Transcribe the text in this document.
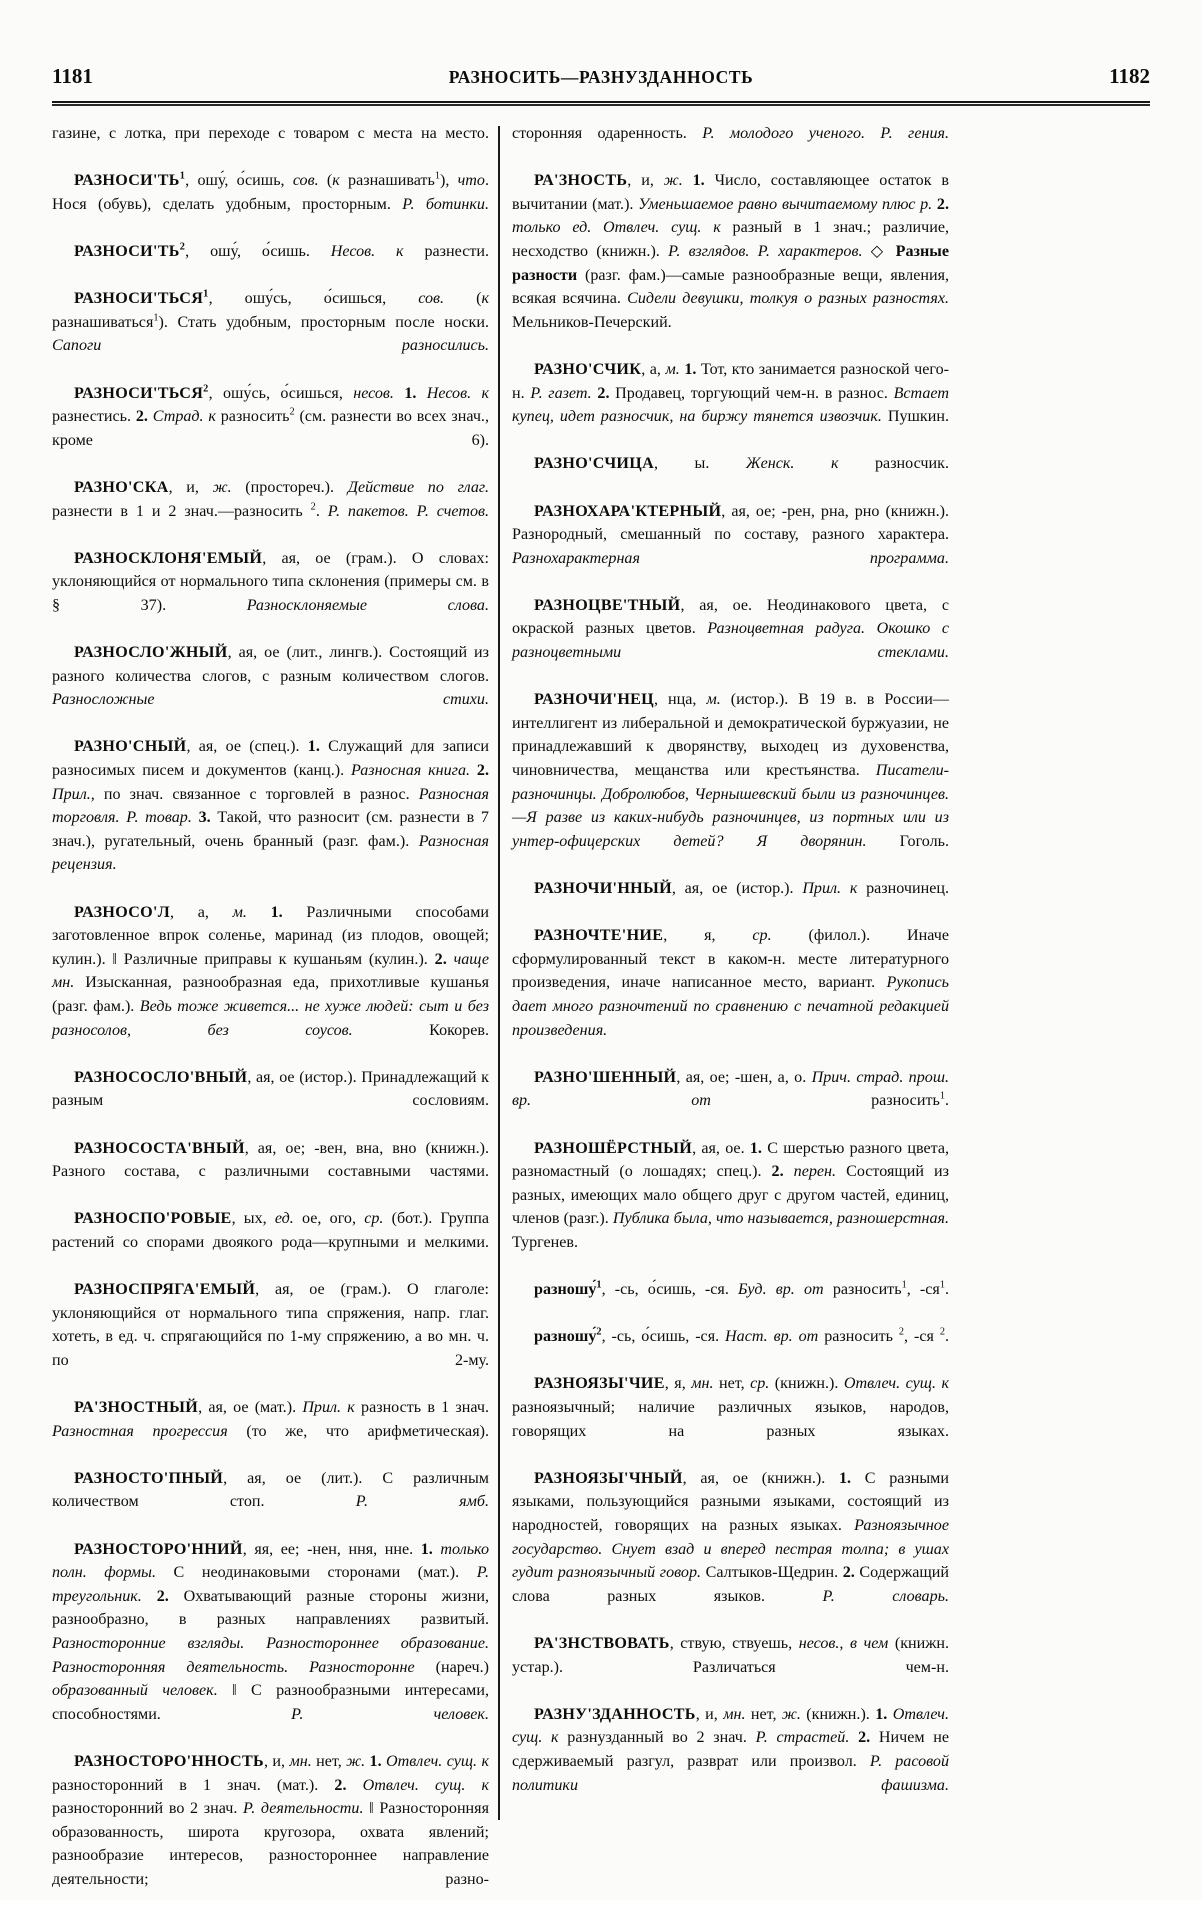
1181	РАЗНОСИТЬ—РАЗНУЗДАННОСТЬ	1182

газине, с лотка, при переходе с товаром с места на место.

$РАЗНОСИ'ТЬ^1$, ошу́, о́сишь, сов. (к разнашивать$^1$), что. Нося (обувь), сделать удобным, просторным. Р. ботинки.

$РАЗНОСИ'ТЬ^2$, ошу́, о́сишь. Несов. к разнести.

РАЗНОСИ'ТЬСЯ$^1$, ошу́сь, о́сишься, сов. (к разнашиваться$^1$). Стать удобным, просторным после носки. Сапоги разносились.

РАЗНОСИ'ТЬСЯ$^2$, ошу́сь, о́сишься, несов. 1. Несов. к разнестись. 2. Страд. к разносить$^2$ (см. разнести во всех знач., кроме 6).

РАЗНО'СКА, и, ж. (простореч.). Действие по глаг. разнести в 1 и 2 знач.—разносить $^2$. Р. пакетов. Р. счетов.

РАЗНОСКЛОНЯ'ЕМЫЙ, ая, ое (грам.). О словах: уклоняющийся от нормального типа склонения (примеры см. в § 37). Разносклоняемые слова.

РАЗНОСЛО'ЖНЫЙ, ая, ое (лит., лингв.). Состоящий из разного количества слогов, с разным количеством слогов. Разносложные стихи.

РАЗНО'СНЫЙ, ая, ое (спец.). 1. Служащий для записи разносимых писем и документов (канц.). Разносная книга. 2. Прил., по знач. связанное с торговлей в разнос. Разносная торговля. Р. товар. 3. Такой, что разносит (см. разнести в 7 знач.), ругательный, очень бранный (разг. фам.). Разносная рецензия.

РАЗНОСО'Л, а, м. 1. Различными способами заготовленное впрок соленье, маринад (из плодов, овощей; кулин.). ‖ Различные приправы к кушаньям (кулин.). 2. чаще мн. Изысканная, разнообразная еда, прихотливые кушанья (разг. фам.). Ведь тоже живется... не хуже людей: сыт и без разносолов, без соусов. Кокорев.

РАЗНОСОСЛО'ВНЫЙ, ая, ое (истор.). Принадлежащий к разным сословиям.

РАЗНОСОСТА'ВНЫЙ, ая, ое; -вен, вна, вно (книжн.). Разного состава, с различными составными частями.

РАЗНОСПО'РОВЫЕ, ых, ед. ое, ого, ср. (бот.). Группа растений со спорами двоякого рода—крупными и мелкими.

РАЗНОСПРЯГА'ЕМЫЙ, ая, ое (грам.). О глаголе: уклоняющийся от нормального типа спряжения, напр. глаг. хотеть, в ед. ч. спрягающийся по 1-му спряжению, а во мн. ч. по 2-му.

РА'ЗНОСТНЫЙ, ая, ое (мат.). Прил. к разность в 1 знач. Разностная прогрессия (то же, что арифметическая).

РАЗНОСТО'ПНЫЙ, ая, ое (лит.). С различным количеством стоп. Р. ямб.

РАЗНОСТОРО'ННИЙ, яя, ее; -нен, ння, нне. 1. только полн. формы. С неодинаковыми сторонами (мат.). Р. треугольник. 2. Охватывающий разные стороны жизни, разнообразно, в разных направлениях развитый. Разносторонние взгляды. Разностороннее образование. Разносторонняя деятельность. Разносторонне (нареч.) образованный человек. ‖ С разнообразными интересами, способностями. Р. человек.

РАЗНОСТОРО'ННОСТЬ, и, мн. нет, ж. 1. Отвлеч. сущ. к разносторонний в 1 знач. (мат.). 2. Отвлеч. сущ. к разносторонний во 2 знач. Р. деятельности. ‖ Разносторонняя образованность, широта кругозора, охвата явлений; разнообразие интересов, разностороннее направление деятельности; разно-

сторонняя одаренность. Р. молодого ученого. Р. гения.

РА'ЗНОСТЬ, и, ж. 1. Число, составляющее остаток в вычитании (мат.). Уменьшаемое равно вычитаемому плюс р. 2. только ед. Отвлеч. сущ. к разный в 1 знач.; различие, несходство (книжн.). Р. взглядов. Р. характеров. ◇ Разные разности (разг. фам.)—самые разнообразные вещи, явления, всякая всячина. Сидели девушки, толкуя о разных разностях. Мельников-Печерский.

РАЗНО'СЧИК, а, м. 1. Тот, кто занимается разноской чего-н. Р. газет. 2. Продавец, торгующий чем-н. в разнос. Встает купец, идет разносчик, на биржу тянется извозчик. Пушкин.

РАЗНО'СЧИЦА, ы. Женск. к разносчик.

РАЗНОХАРА'КТЕРНЫЙ, ая, ое; -рен, рна, рно (книжн.). Разнородный, смешанный по составу, разного характера. Разнохарактерная программа.

РАЗНОЦВЕ'ТНЫЙ, ая, ое. Неодинакового цвета, с окраской разных цветов. Разноцветная радуга. Окошко с разноцветными стеклами.

РАЗНОЧИ'НЕЦ, нца, м. (истор.). В 19 в. в России—интеллигент из либеральной и демократической буржуазии, не принадлежавший к дворянству, выходец из духовенства, чиновничества, мещанства или крестьянства. Писатели-разночинцы. Добролюбов, Чернышевский были из разночинцев.—Я разве из каких-нибудь разночинцев, из портных или из унтер-офицерских детей? Я дворянин. Гоголь.

РАЗНОЧИ'ННЫЙ, ая, ое (истор.). Прил. к разночинец.

РАЗНОЧТЕ'НИЕ, я, ср. (филол.). Иначе сформулированный текст в каком-н. месте литературного произведения, иначе написанное место, вариант. Рукопись дает много разночтений по сравнению с печатной редакцией произведения.

РАЗНО'ШЕННЫЙ, ая, ое; -шен, а, о. Прич. страд. прош. вр. от разносить$^1$.

РАЗНОШЁРСТНЫЙ, ая, ое. 1. С шерстью разного цвета, разномастный (о лошадях; спец.). 2. перен. Состоящий из разных, имеющих мало общего друг с другом частей, единиц, членов (разг.). Публика была, что называется, разношерстная. Тургенев.

разношу́$^1$, -сь, о́сишь, -ся. Буд. вр. от разносить$^1$, $-ся^1$.

разношу́$^2$, -сь, о́сишь, -ся. Наст. вр. от разносить $^2$, -ся $^2$.

РАЗНОЯЗЫ'ЧИЕ, я, мн. нет, ср. (книжн.). Отвлеч. сущ. к разноязычный; наличие различных языков, народов, говорящих на разных языках.

РАЗНОЯЗЫ'ЧНЫЙ, ая, ое (книжн.). 1. С разными языками, пользующийся разными языками, состоящий из народностей, говорящих на разных языках. Разноязычное государство. Снует взад и вперед пестрая толпа; в ушах гудит разноязычный говор. Салтыков-Щедрин. 2. Содержащий слова разных языков. Р. словарь.

РА'ЗНСТВОВАТЬ, ствую, ствуешь, несов., в чем (книжн. устар.). Различаться чем-н.

РАЗНУ'ЗДАННОСТЬ, и, мн. нет, ж. (книжн.). 1. Отвлеч. сущ. к разнузданный во 2 знач. Р. страстей. 2. Ничем не сдерживаемый разгул, разврат или произвол. Р. расовой политики фашизма.
